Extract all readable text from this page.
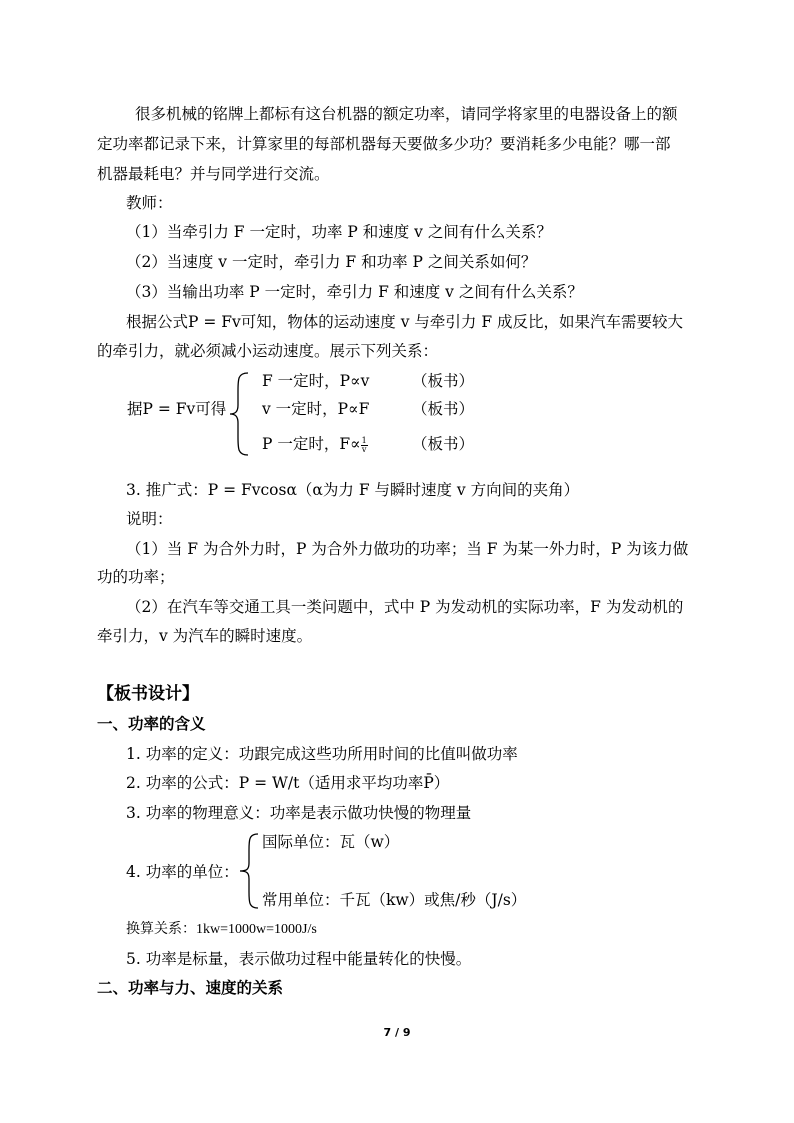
很多机械的铭牌上都标有这台机器的额定功率，请同学将家里的电器设备上的额
定功率都记录下来，计算家里的每部机器每天要做多少功？要消耗多少电能？哪一部
机器最耗电？并与同学进行交流。
教师：
（1）当牵引力 F 一定时，功率 P 和速度 v 之间有什么关系？
（2）当速度 v 一定时，牵引力 F 和功率 P 之间关系如何？
（3）当输出功率 P 一定时，牵引力 F 和速度 v 之间有什么关系？
根据公式P = Fv可知，物体的运动速度 v 与牵引力 F 成反比，如果汽车需要较大
的牵引力，就必须减小运动速度。展示下列关系：
据P = Fv可得
F 一定时，P∝v	（板书）
v 一定时，P∝F	（板书）
P 一定时，$F\propto \frac{1}{v}$	（板书）
3. 推广式：P = Fvcosα（α为力 F 与瞬时速度 v 方向间的夹角）
说明：
（1）当 F 为合外力时，P 为合外力做功的功率；当 F 为某一外力时，P 为该力做
功的功率；
（2）在汽车等交通工具一类问题中，式中 P 为发动机的实际功率，F 为发动机的
牵引力，v 为汽车的瞬时速度。
【板书设计】
一、功率的含义
1. 功率的定义：功跟完成这些功所用时间的比值叫做功率
2. 功率的公式：P = W/t（适用求平均功率P̄）
3. 功率的物理意义：功率是表示做功快慢的物理量
4. 功率的单位：
国际单位：瓦（w）
常用单位：千瓦（kw）或焦/秒（J/s）
换算关系：1kw=1000w=1000J/s
5. 功率是标量，表示做功过程中能量转化的快慢。
二、功率与力、速度的关系
7 / 9
